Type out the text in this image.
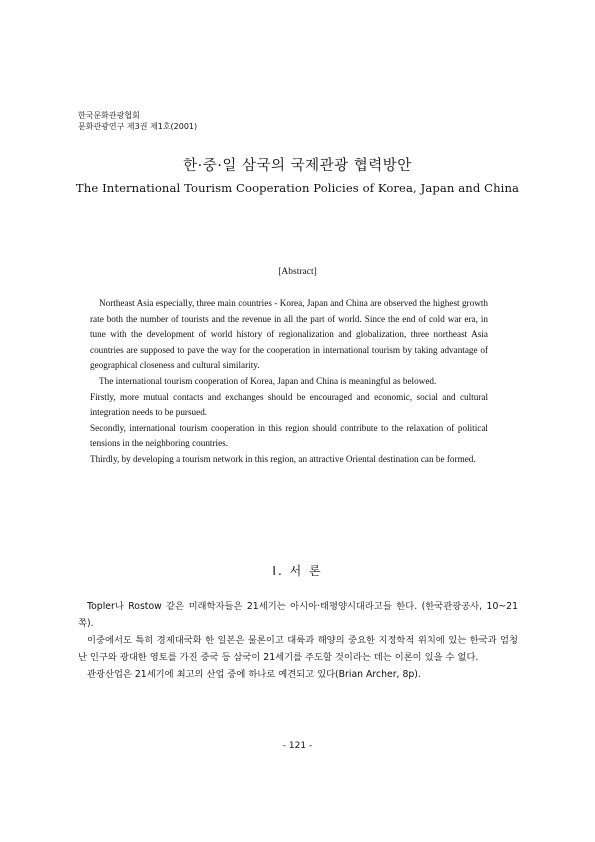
한국문화관광협회
문화관광연구 제3권 제1호(2001)
한·중·일 삼국의 국제관광 협력방안
The International Tourism Cooperation Policies of Korea, Japan and China
[Abstract]

Northeast Asia especially, three main countries - Korea, Japan and China are observed the highest growth rate both the number of tourists and the revenue in all the part of world. Since the end of cold war era, in tune with the development of world history of regionalization and globalization, three northeast Asia countries are supposed to pave the way for the cooperation in international tourism by taking advantage of geographical closeness and cultural similarity.

The international tourism cooperation of Korea, Japan and China is meaningful as belowed.

Firstly, more mutual contacts and exchanges should be encouraged and economic, social and cultural integration needs to be pursued.

Secondly, international tourism cooperation in this region should contribute to the relaxation of political tensions in the neighboring countries.

Thirdly, by developing a tourism network in this region, an attractive Oriental destination can be formed.

Ⅰ. 서 론

Topler나 Rostow 같은 미래학자들은 21세기는 아시아·태평양시대라고들 한다. (한국관광공사, 10~21쪽).

이중에서도 특히 경제대국화 한 일본은 물론이고 대륙과 해양의 중요한 지정학적 위치에 있는 한국과 엄청난 인구와 광대한 영토를 가진 중국 등 삼국이 21세기를 주도할 것이라는 데는 이론이 있을 수 없다.

관광산업은 21세기에 최고의 산업 중에 하나로 예견되고 있다(Brian Archer, 8p).

- 121 -
